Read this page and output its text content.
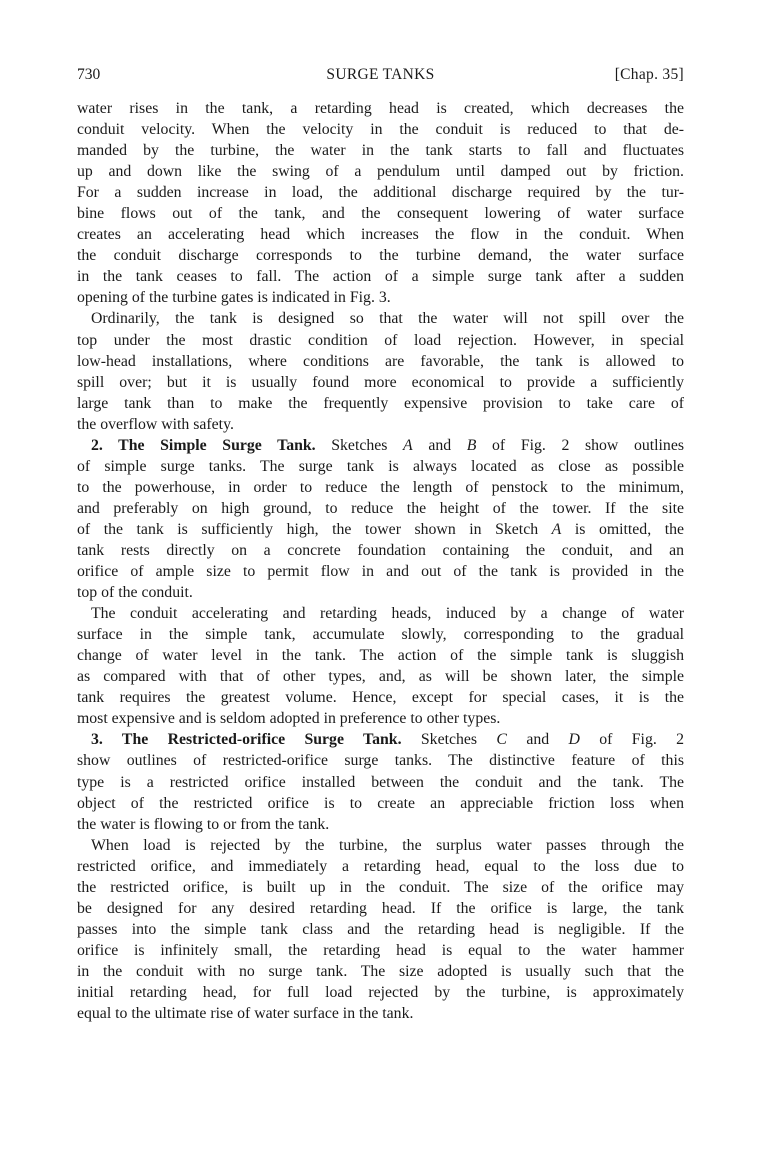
730	SURGE TANKS	[Chap. 35]
water rises in the tank, a retarding head is created, which decreases the
conduit velocity. When the velocity in the conduit is reduced to that de-
manded by the turbine, the water in the tank starts to fall and fluctuates
up and down like the swing of a pendulum until damped out by friction.
For a sudden increase in load, the additional discharge required by the tur-
bine flows out of the tank, and the consequent lowering of water surface
creates an accelerating head which increases the flow in the conduit. When
the conduit discharge corresponds to the turbine demand, the water surface
in the tank ceases to fall. The action of a simple surge tank after a sudden
opening of the turbine gates is indicated in Fig. 3.
Ordinarily, the tank is designed so that the water will not spill over the
top under the most drastic condition of load rejection. However, in special
low-head installations, where conditions are favorable, the tank is allowed to
spill over; but it is usually found more economical to provide a sufficiently
large tank than to make the frequently expensive provision to take care of
the overflow with safety.
2. The Simple Surge Tank. Sketches A and B of Fig. 2 show outlines
of simple surge tanks. The surge tank is always located as close as possible
to the powerhouse, in order to reduce the length of penstock to the minimum,
and preferably on high ground, to reduce the height of the tower. If the site
of the tank is sufficiently high, the tower shown in Sketch A is omitted, the
tank rests directly on a concrete foundation containing the conduit, and an
orifice of ample size to permit flow in and out of the tank is provided in the
top of the conduit.
The conduit accelerating and retarding heads, induced by a change of water
surface in the simple tank, accumulate slowly, corresponding to the gradual
change of water level in the tank. The action of the simple tank is sluggish
as compared with that of other types, and, as will be shown later, the simple
tank requires the greatest volume. Hence, except for special cases, it is the
most expensive and is seldom adopted in preference to other types.
3. The Restricted-orifice Surge Tank. Sketches C and D of Fig. 2
show outlines of restricted-orifice surge tanks. The distinctive feature of this
type is a restricted orifice installed between the conduit and the tank. The
object of the restricted orifice is to create an appreciable friction loss when
the water is flowing to or from the tank.
When load is rejected by the turbine, the surplus water passes through the
restricted orifice, and immediately a retarding head, equal to the loss due to
the restricted orifice, is built up in the conduit. The size of the orifice may
be designed for any desired retarding head. If the orifice is large, the tank
passes into the simple tank class and the retarding head is negligible. If the
orifice is infinitely small, the retarding head is equal to the water hammer
in the conduit with no surge tank. The size adopted is usually such that the
initial retarding head, for full load rejected by the turbine, is approximately
equal to the ultimate rise of water surface in the tank.
